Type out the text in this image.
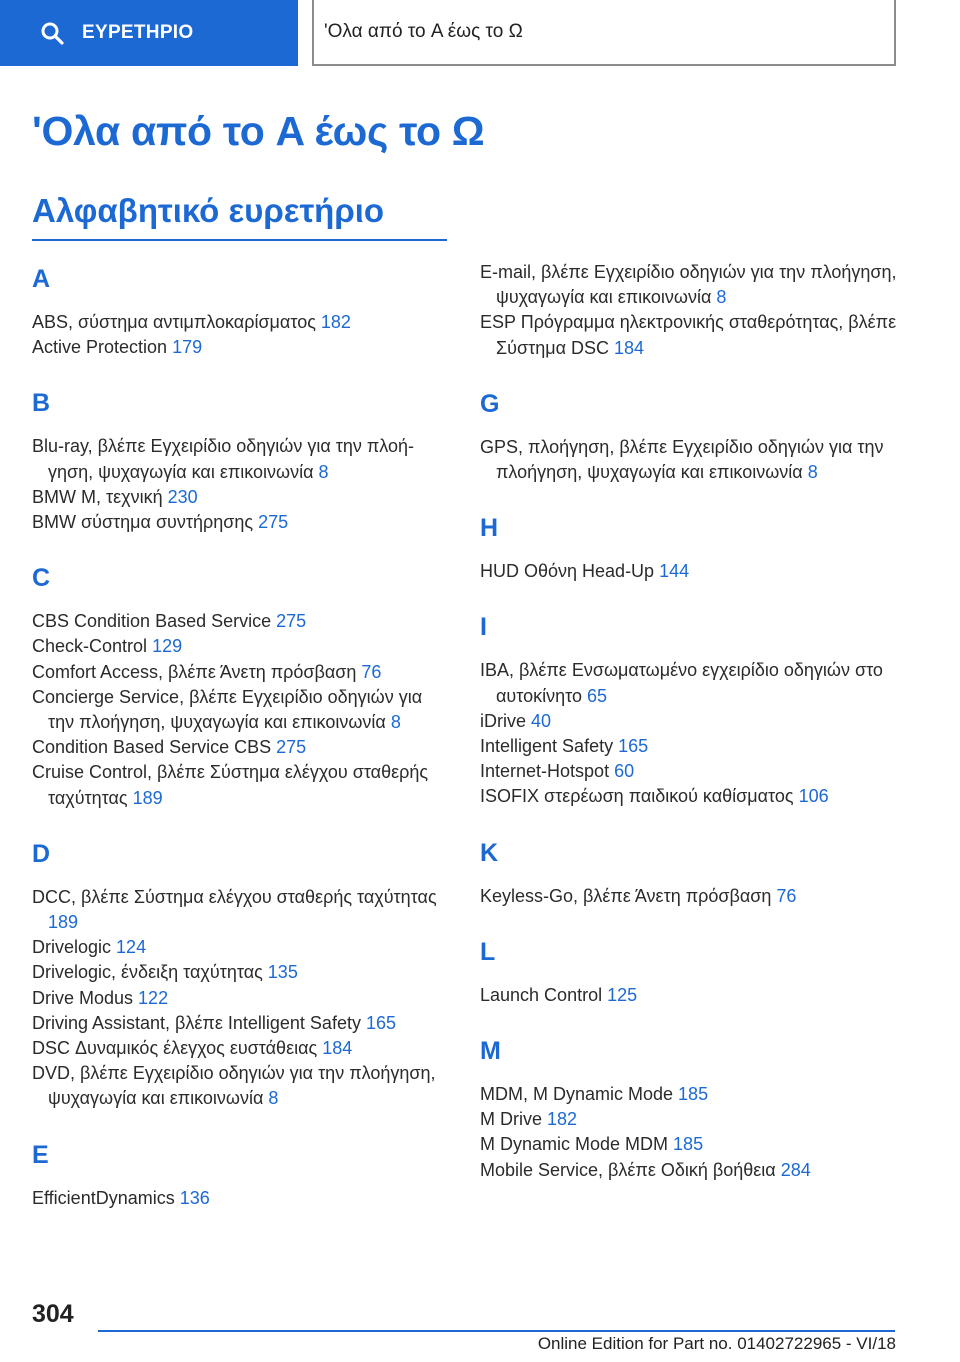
ΕΥΡΕΤΗΡΙΟ	'Ολα από το A έως το Ω
'Ολα από το A έως το Ω
Αλφαβητικό ευρετήριο
A
ABS, σύστημα αντιμπλοκαρίσματος 182
Active Protection 179
B
Blu-ray, βλέπε Εγχειρίδιο οδηγιών για την πλοήγηση, ψυχαγωγία και επικοινωνία 8
BMW M, τεχνική 230
BMW σύστημα συντήρησης 275
C
CBS Condition Based Service 275
Check-Control 129
Comfort Access, βλέπε Άνετη πρόσβαση 76
Concierge Service, βλέπε Εγχειρίδιο οδηγιών για την πλοήγηση, ψυχαγωγία και επικοινωνία 8
Condition Based Service CBS 275
Cruise Control, βλέπε Σύστημα ελέγχου σταθερής ταχύτητας 189
D
DCC, βλέπε Σύστημα ελέγχου σταθερής ταχύτητας 189
Drivelogic 124
Drivelogic, ένδειξη ταχύτητας 135
Drive Modus 122
Driving Assistant, βλέπε Intelligent Safety 165
DSC Δυναμικός έλεγχος ευστάθειας 184
DVD, βλέπε Εγχειρίδιο οδηγιών για την πλοήγηση, ψυχαγωγία και επικοινωνία 8
E
EfficientDynamics 136
E-mail, βλέπε Εγχειρίδιο οδηγιών για την πλοήγηση, ψυχαγωγία και επικοινωνία 8
ESP Πρόγραμμα ηλεκτρονικής σταθερότητας, βλέπε Σύστημα DSC 184
G
GPS, πλοήγηση, βλέπε Εγχειρίδιο οδηγιών για την πλοήγηση, ψυχαγωγία και επικοινωνία 8
H
HUD Οθόνη Head-Up 144
I
IBA, βλέπε Ενσωματωμένο εγχειρίδιο οδηγιών στο αυτοκίνητο 65
iDrive 40
Intelligent Safety 165
Internet-Hotspot 60
ISOFIX στερέωση παιδικού καθίσματος 106
K
Keyless-Go, βλέπε Άνετη πρόσβαση 76
L
Launch Control 125
M
MDM, M Dynamic Mode 185
M Drive 182
M Dynamic Mode MDM 185
Mobile Service, βλέπε Οδική βοήθεια 284
304
Online Edition for Part no. 01402722965 - VI/18
